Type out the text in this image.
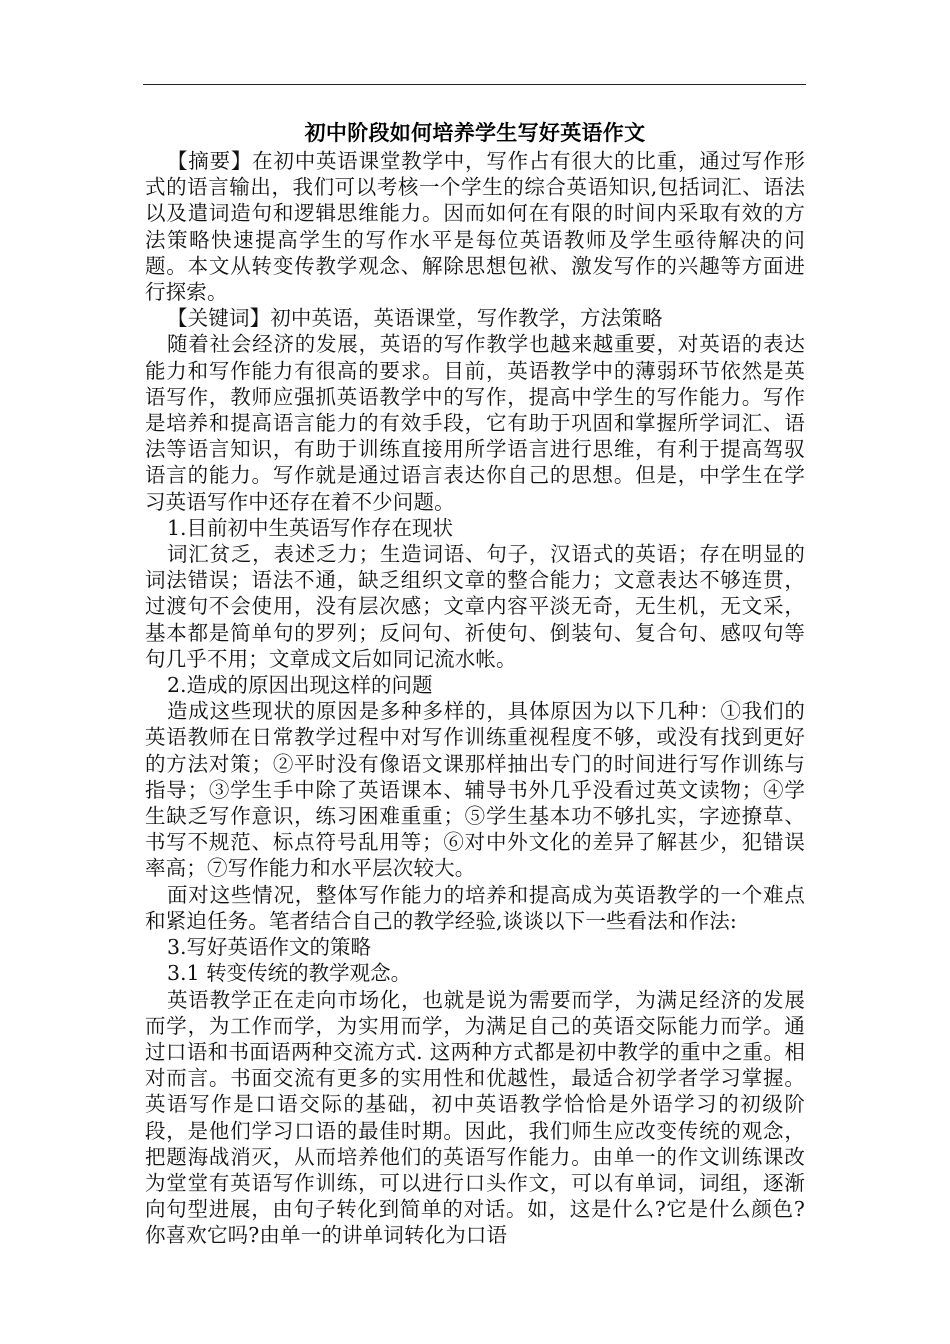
初中阶段如何培养学生写好英语作文

【摘要】在初中英语课堂教学中，写作占有很大的比重，通过写作形式的语言输出，我们可以考核一个学生的综合英语知识,包括词汇、语法以及遣词造句和逻辑思维能力。因而如何在有限的时间内采取有效的方法策略快速提高学生的写作水平是每位英语教师及学生亟待解决的问题。本文从转变传教学观念、解除思想包袱、激发写作的兴趣等方面进行探索。

【关键词】初中英语，英语课堂，写作教学，方法策略

随着社会经济的发展，英语的写作教学也越来越重要，对英语的表达能力和写作能力有很高的要求。目前，英语教学中的薄弱环节依然是英语写作，教师应强抓英语教学中的写作，提高中学生的写作能力。写作是培养和提高语言能力的有效手段，它有助于巩固和掌握所学词汇、语法等语言知识，有助于训练直接用所学语言进行思维，有利于提高驾驭语言的能力。写作就是通过语言表达你自己的思想。但是，中学生在学习英语写作中还存在着不少问题。

1.目前初中生英语写作存在现状

词汇贫乏，表述乏力；生造词语、句子，汉语式的英语；存在明显的词法错误；语法不通，缺乏组织文章的整合能力；文意表达不够连贯，过渡句不会使用，没有层次感；文章内容平淡无奇，无生机，无文采，基本都是简单句的罗列；反问句、祈使句、倒装句、复合句、感叹句等句几乎不用；文章成文后如同记流水帐。

2.造成的原因出现这样的问题

造成这些现状的原因是多种多样的，具体原因为以下几种：①我们的英语教师在日常教学过程中对写作训练重视程度不够，或没有找到更好的方法对策；②平时没有像语文课那样抽出专门的时间进行写作训练与指导；③学生手中除了英语课本、辅导书外几乎没看过英文读物；④学生缺乏写作意识，练习困难重重；⑤学生基本功不够扎实，字迹撩草、书写不规范、标点符号乱用等；⑥对中外文化的差异了解甚少，犯错误率高；⑦写作能力和水平层次较大。

面对这些情况，整体写作能力的培养和提高成为英语教学的一个难点和紧迫任务。笔者结合自己的教学经验,谈谈以下一些看法和作法:

3.写好英语作文的策略

3.1 转变传统的教学观念。

英语教学正在走向市场化，也就是说为需要而学，为满足经济的发展而学，为工作而学，为实用而学，为满足自己的英语交际能力而学。通过口语和书面语两种交流方式. 这两种方式都是初中教学的重中之重。相对而言。书面交流有更多的实用性和优越性，最适合初学者学习掌握。英语写作是口语交际的基础，初中英语教学恰恰是外语学习的初级阶段，是他们学习口语的最佳时期。因此，我们师生应改变传统的观念，把题海战消灭，从而培养他们的英语写作能力。由单一的作文训练课改为堂堂有英语写作训练，可以进行口头作文，可以有单词，词组，逐渐向句型进展，由句子转化到简单的对话。如，这是什么?它是什么颜色?你喜欢它吗?由单一的讲单词转化为口语
